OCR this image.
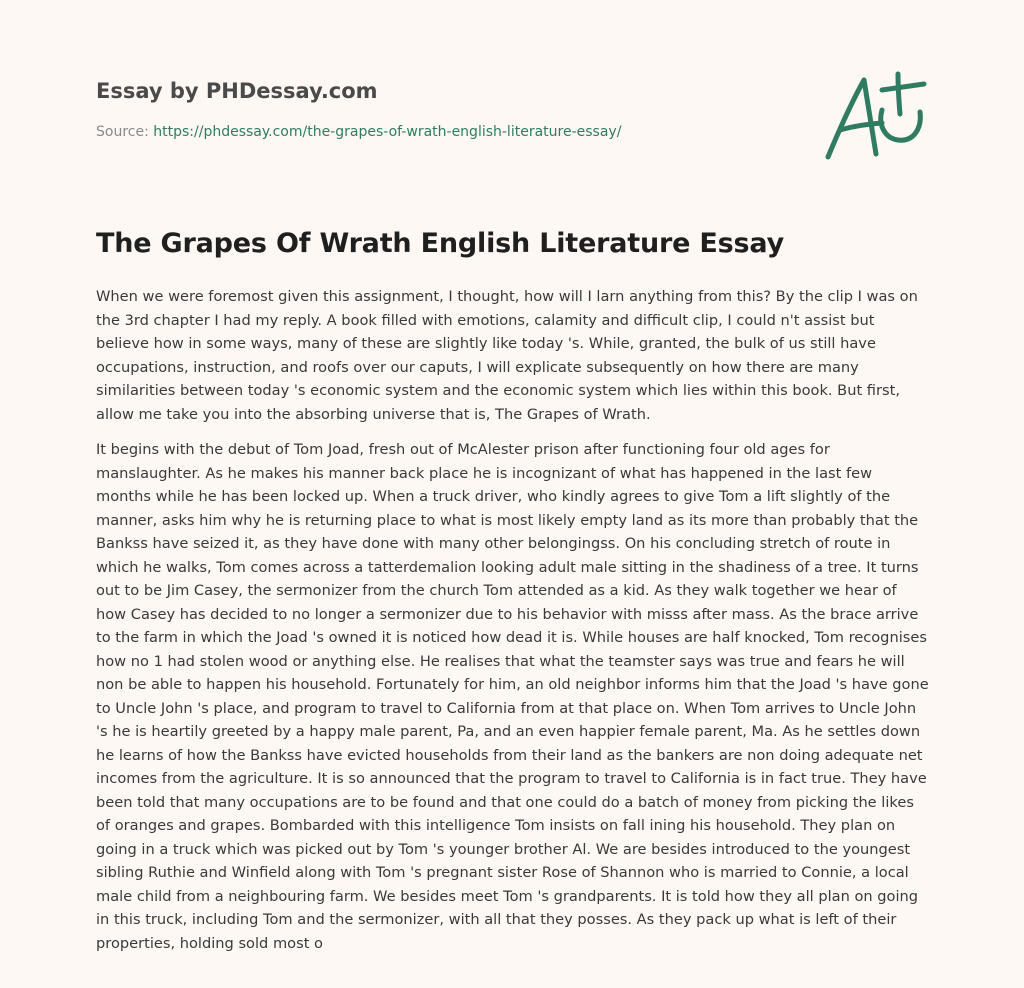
Essay by PHDessay.com
Source: https://phdessay.com/the-grapes-of-wrath-english-literature-essay/
The Grapes Of Wrath English Literature Essay

When we were foremost given this assignment, I thought, how will I larn anything from this? By the clip I was on the 3rd chapter I had my reply. A book filled with emotions, calamity and difficult clip, I could n't assist but believe how in some ways, many of these are slightly like today 's. While, granted, the bulk of us still have occupations, instruction, and roofs over our caputs, I will explicate subsequently on how there are many similarities between today 's economic system and the economic system which lies within this book. But first, allow me take you into the absorbing universe that is, The Grapes of Wrath.

It begins with the debut of Tom Joad, fresh out of McAlester prison after functioning four old ages for manslaughter. As he makes his manner back place he is incognizant of what has happened in the last few months while he has been locked up. When a truck driver, who kindly agrees to give Tom a lift slightly of the manner, asks him why he is returning place to what is most likely empty land as its more than probably that the Bankss have seized it, as they have done with many other belongingss. On his concluding stretch of route in which he walks, Tom comes across a tatterdemalion looking adult male sitting in the shadiness of a tree. It turns out to be Jim Casey, the sermonizer from the church Tom attended as a kid. As they walk together we hear of how Casey has decided to no longer a sermonizer due to his behavior with misss after mass. As the brace arrive to the farm in which the Joad 's owned it is noticed how dead it is. While houses are half knocked, Tom recognises how no 1 had stolen wood or anything else. He realises that what the teamster says was true and fears he will non be able to happen his household. Fortunately for him, an old neighbor informs him that the Joad 's have gone to Uncle John 's place, and program to travel to California from at that place on. When Tom arrives to Uncle John 's he is heartily greeted by a happy male parent, Pa, and an even happier female parent, Ma. As he settles down he learns of how the Bankss have evicted households from their land as the bankers are non doing adequate net incomes from the agriculture. It is so announced that the program to travel to California is in fact true. They have been told that many occupations are to be found and that one could do a batch of money from picking the likes of oranges and grapes. Bombarded with this intelligence Tom insists on fall ining his household. They plan on going in a truck which was picked out by Tom 's younger brother Al. We are besides introduced to the youngest sibling Ruthie and Winfield along with Tom 's pregnant sister Rose of Shannon who is married to Connie, a local male child from a neighbouring farm. We besides meet Tom 's grandparents. It is told how they all plan on going in this truck, including Tom and the sermonizer, with all that they posses. As they pack up what is left of their properties, holding sold most o
